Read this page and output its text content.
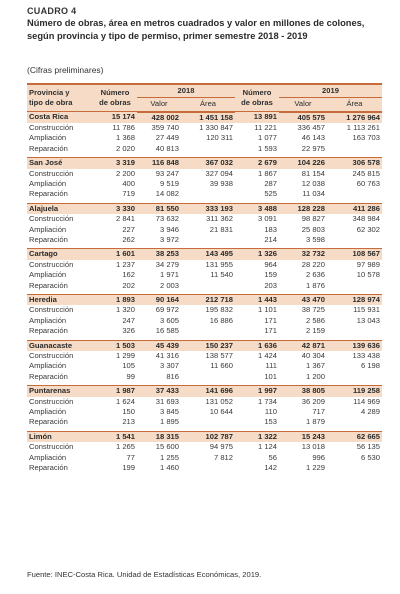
CUADRO 4
Número de obras, área en metros cuadrados y valor en millones de colones, según provincia y tipo de permiso, primer semestre 2018 - 2019
(Cifras preliminares)
Provincia y
tipo de obra	Número
de obras	2018		Número
de obras	2019	
		Valor	Área		Valor	Área
Costa Rica	15 174	428 002	1 451 158	13 891	405 575	1 276 964
Construcción	11 786	359 740	1 330 847	11 221	336 457	1 113 261
Ampliación	1 368	27 449	120 311	1 077	46 143	163 703
Reparación	2 020	40 813		1 593	22 975	

San José	3 319	116 848	367 032	2 679	104 226	306 578
Construcción	2 200	93 247	327 094	1 867	81 154	245 815
Ampliación	400	9 519	39 938	287	12 038	60 763
Reparación	719	14 082		525	11 034	

Alajuela	3 330	81 550	333 193	3 488	128 228	411 286
Construcción	2 841	73 632	311 362	3 091	98 827	348 984
Ampliación	227	3 946	21 831	183	25 803	62 302
Reparación	262	3 972		214	3 598	

Cartago	1 601	38 253	143 495	1 326	32 732	108 567
Construcción	1 237	34 279	131 955	964	28 220	97 989
Ampliación	162	1 971	11 540	159	2 636	10 578
Reparación	202	2 003		203	1 876	

Heredia	1 893	90 164	212 718	1 443	43 470	128 974
Construcción	1 320	69 972	195 832	1 101	38 725	115 931
Ampliación	247	3 605	16 886	171	2 586	13 043
Reparación	326	16 585		171	2 159	

Guanacaste	1 503	45 439	150 237	1 636	42 871	139 636
Construcción	1 299	41 316	138 577	1 424	40 304	133 438
Ampliación	105	3 307	11 660	111	1 367	6 198
Reparación	99	816		101	1 200	

Puntarenas	1 987	37 433	141 696	1 997	38 805	119 258
Construcción	1 624	31 693	131 052	1 734	36 209	114 969
Ampliación	150	3 845	10 644	110	717	4 289
Reparación	213	1 895		153	1 879	

Limón	1 541	18 315	102 787	1 322	15 243	62 665
Construcción	1 265	15 600	94 975	1 124	13 018	56 135
Ampliación	77	1 255	7 812	56	996	6 530
Reparación	199	1 460		142	1 229	

Fuente: INEC-Costa Rica. Unidad de Estadísticas Económicas, 2019.
